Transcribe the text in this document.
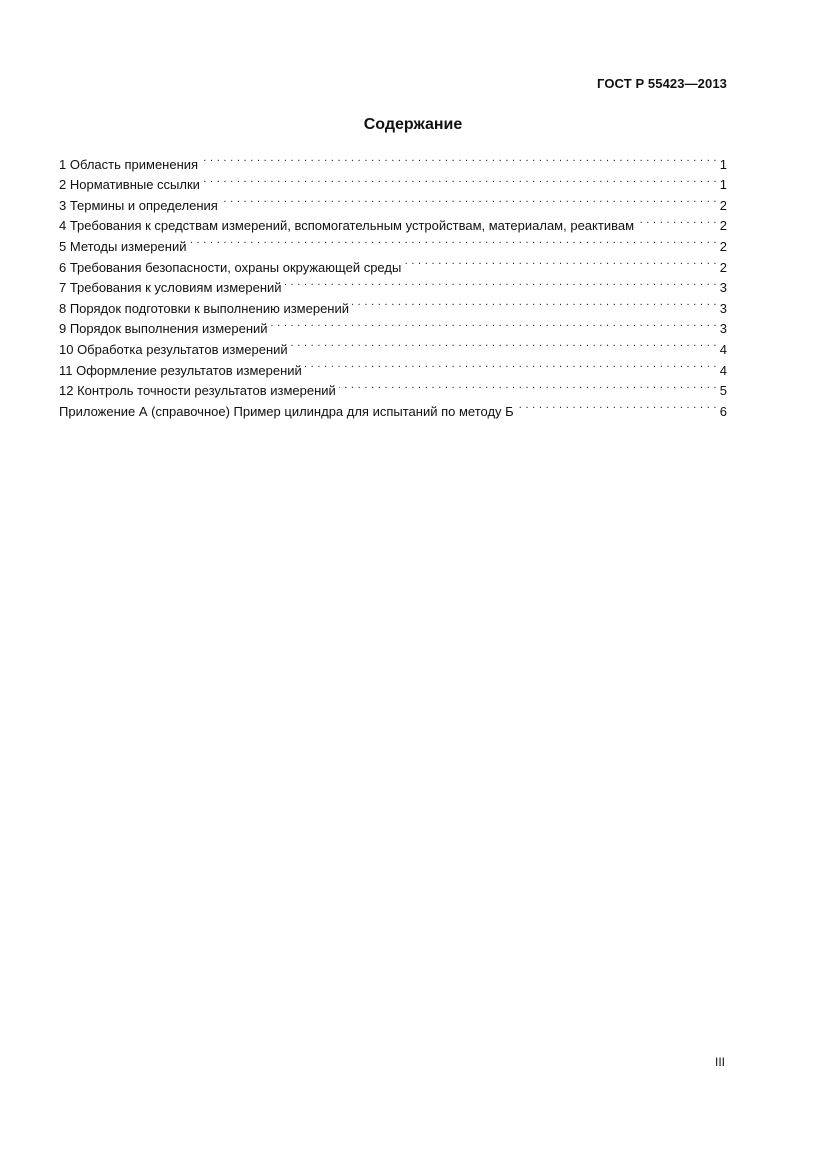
ГОСТ Р 55423—2013
Содержание
1 Область применения . . .	1
2 Нормативные ссылки . . .	1
3 Термины и определения . . .	2
4 Требования к средствам измерений, вспомогательным устройствам, материалам, реактивам . . .	2
5 Методы измерений . . .	2
6 Требования безопасности, охраны окружающей среды . . .	2
7 Требования к условиям измерений . . .	3
8 Порядок подготовки к выполнению измерений . . .	3
9 Порядок выполнения измерений . . .	3
10 Обработка результатов измерений . . .	4
11 Оформление результатов измерений . . .	4
12 Контроль точности результатов измерений . . .	5
Приложение А (справочное) Пример цилиндра для испытаний по методу Б . . .	6
III
